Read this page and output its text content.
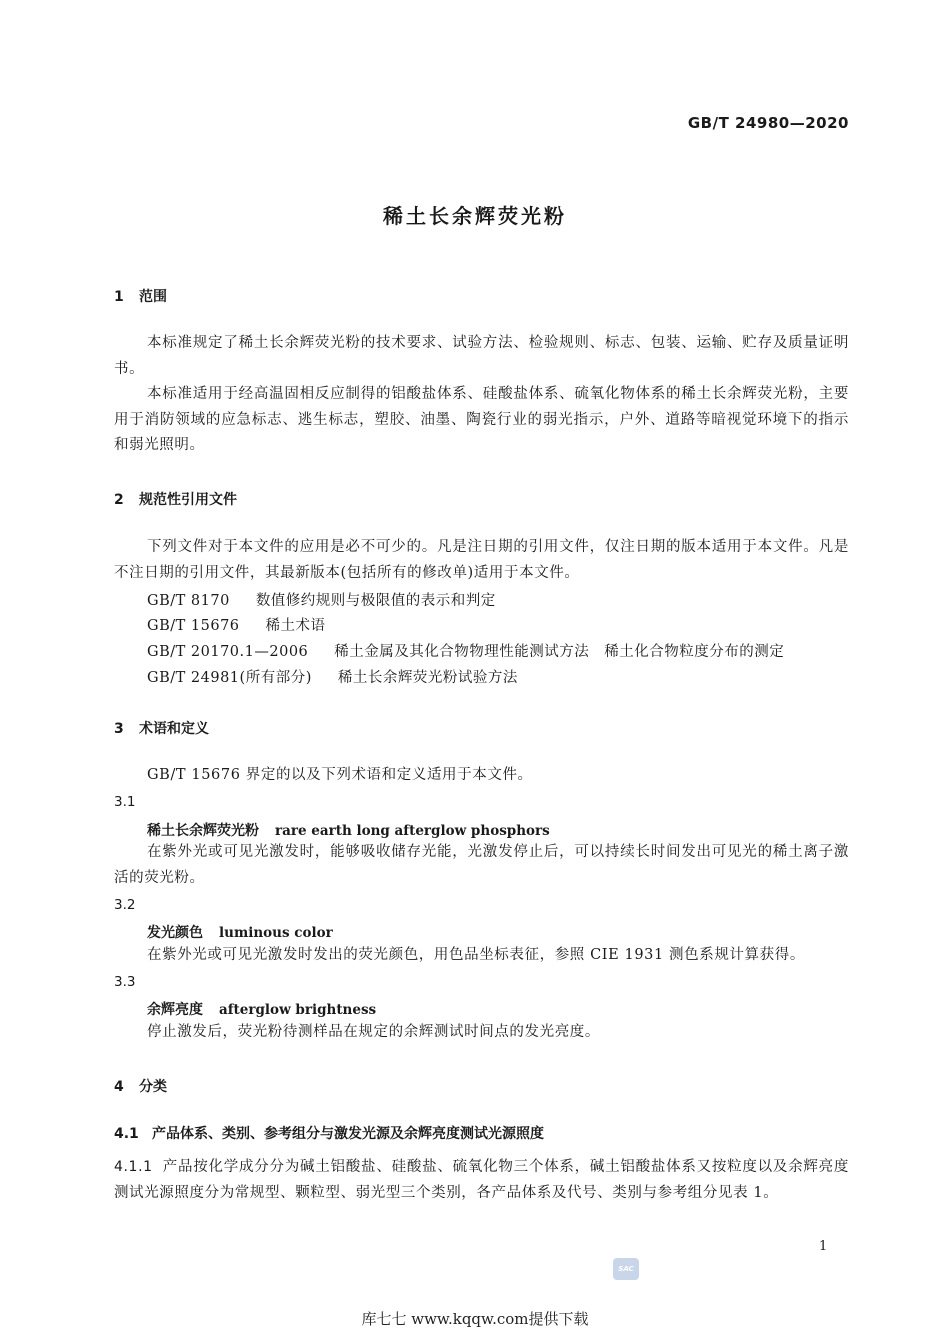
GB/T 24980—2020
稀土长余辉荧光粉
1 范围
本标准规定了稀土长余辉荧光粉的技术要求、试验方法、检验规则、标志、包装、运输、贮存及质量证明书。
本标准适用于经高温固相反应制得的铝酸盐体系、硅酸盐体系、硫氧化物体系的稀土长余辉荧光粉，主要用于消防领域的应急标志、逃生标志，塑胶、油墨、陶瓷行业的弱光指示，户外、道路等暗视觉环境下的指示和弱光照明。
2 规范性引用文件
下列文件对于本文件的应用是必不可少的。凡是注日期的引用文件，仅注日期的版本适用于本文件。凡是不注日期的引用文件，其最新版本(包括所有的修改单)适用于本文件。
GB/T 8170 数值修约规则与极限值的表示和判定
GB/T 15676 稀土术语
GB/T 20170.1—2006 稀土金属及其化合物物理性能测试方法　稀土化合物粒度分布的测定
GB/T 24981(所有部分) 稀土长余辉荧光粉试验方法
3 术语和定义
GB/T 15676 界定的以及下列术语和定义适用于本文件。
3.1
稀土长余辉荧光粉 rare earth long afterglow phosphors
在紫外光或可见光激发时，能够吸收储存光能，光激发停止后，可以持续长时间发出可见光的稀土离子激活的荧光粉。
3.2
发光颜色 luminous color
在紫外光或可见光激发时发出的荧光颜色，用色品坐标表征，参照 CIE 1931 测色系规计算获得。
3.3
余辉亮度 afterglow brightness
停止激发后，荧光粉待测样品在规定的余辉测试时间点的发光亮度。
4 分类
4.1 产品体系、类别、参考组分与激发光源及余辉亮度测试光源照度
4.1.1 产品按化学成分分为碱土铝酸盐、硅酸盐、硫氧化物三个体系，碱土铝酸盐体系又按粒度以及余辉亮度测试光源照度分为常规型、颗粒型、弱光型三个类别，各产品体系及代号、类别与参考组分见表 1。
1
SAC
库七七 www.kqqw.com提供下载
